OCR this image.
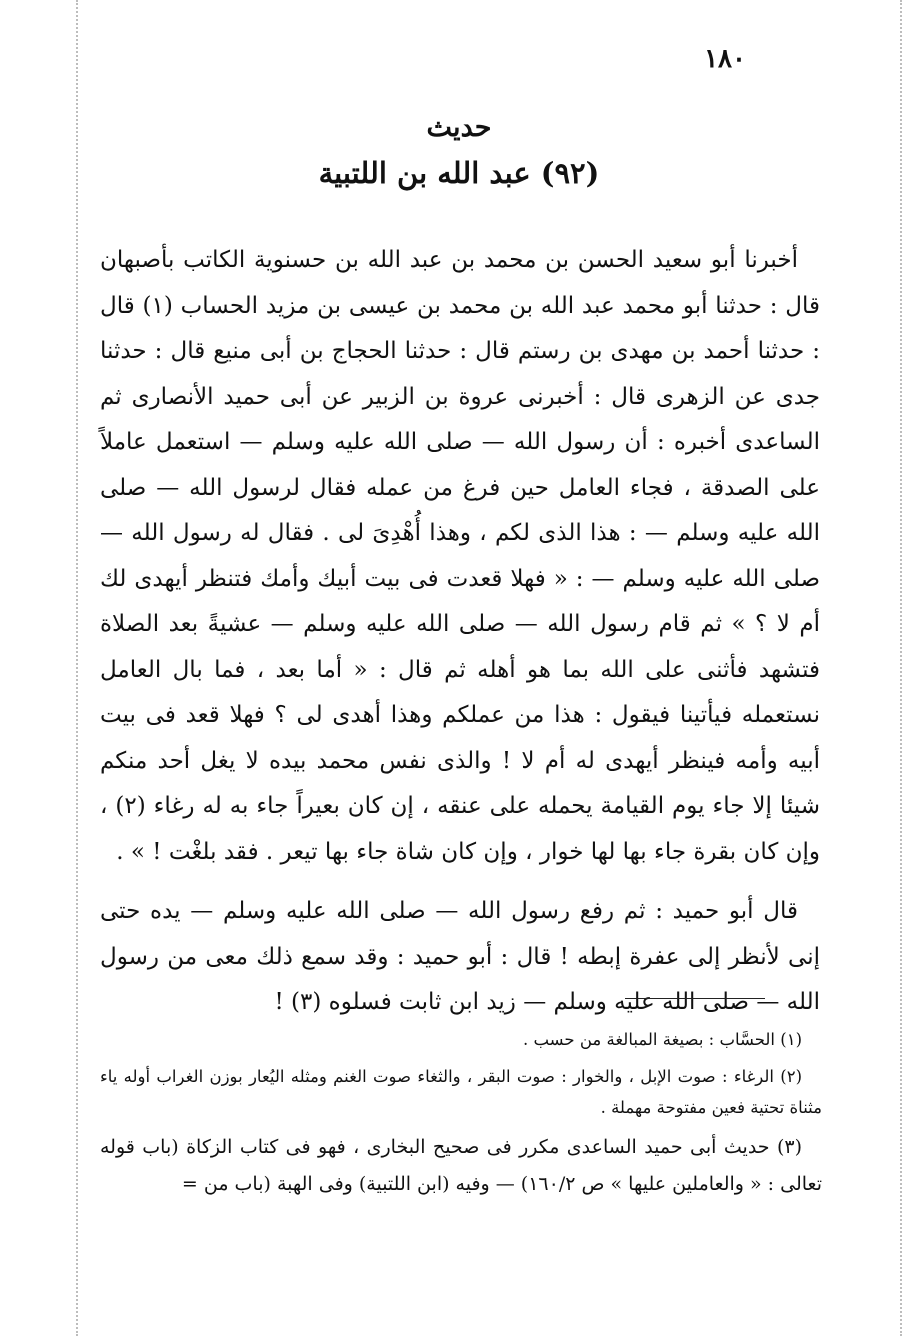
١٨٠
حديث
(٩٢) عبد الله بن اللتبية

أخبرنا أبو سعيد الحسن بن محمد بن عبد الله بن حسنوية الكاتب بأصبهان قال : حدثنا أبو محمد عبد الله بن محمد بن عيسى بن مزيد الحساب (١) قال : حدثنا أحمد بن مهدى بن رستم قال : حدثنا الحجاج بن أبى منيع قال : حدثنا جدى عن الزهرى قال : أخبرنى عروة بن الزبير عن أبى حميد الأنصارى ثم الساعدى أخبره : أن رسول الله — صلى الله عليه وسلم — استعمل عاملاً على الصدقة ، فجاء العامل حين فرغ من عمله فقال لرسول الله — صلى الله عليه وسلم — : هذا الذى لكم ، وهذا أُهْدِىَ لى . فقال له رسول الله — صلى الله عليه وسلم — : « فهلا قعدت فى بيت أبيك وأمك فتنظر أيهدى لك أم لا ؟ » ثم قام رسول الله — صلى الله عليه وسلم — عشيةً بعد الصلاة فتشهد فأثنى على الله بما هو أهله ثم قال : « أما بعد ، فما بال العامل نستعمله فيأتينا فيقول : هذا من عملكم وهذا أهدى لى ؟ فهلا قعد فى بيت أبيه وأمه فينظر أيهدى له أم لا ! والذى نفس محمد بيده لا يغل أحد منكم شيئا إلا جاء يوم القيامة يحمله على عنقه ، إن كان بعيراً جاء به له رغاء (٢) ، وإن كان بقرة جاء بها لها خوار ، وإن كان شاة جاء بها تيعر . فقد بلغْت ! » .

قال أبو حميد : ثم رفع رسول الله — صلى الله عليه وسلم — يده حتى إنى لأنظر إلى عفرة إبطه ! قال : أبو حميد : وقد سمع ذلك معى من رسول الله — صلى الله عليه وسلم — زيد ابن ثابت فسلوه (٣) !

(١) الحسَّاب : بصيغة المبالغة من حسب .

(٢) الرغاء : صوت الإبل ، والخوار : صوت البقر ، والثغاء صوت الغنم ومثله اليُعار بوزن الغراب أوله ياء مثناة تحتية فعين مفتوحة مهملة .

(٣) حديث أبى حميد الساعدى مكرر فى صحيح البخارى ، فهو فى كتاب الزكاة (باب قوله تعالى : « والعاملين عليها » ص ١٦٠/٢) — وفيه (ابن اللتبية) وفى الهبة (باب من =
